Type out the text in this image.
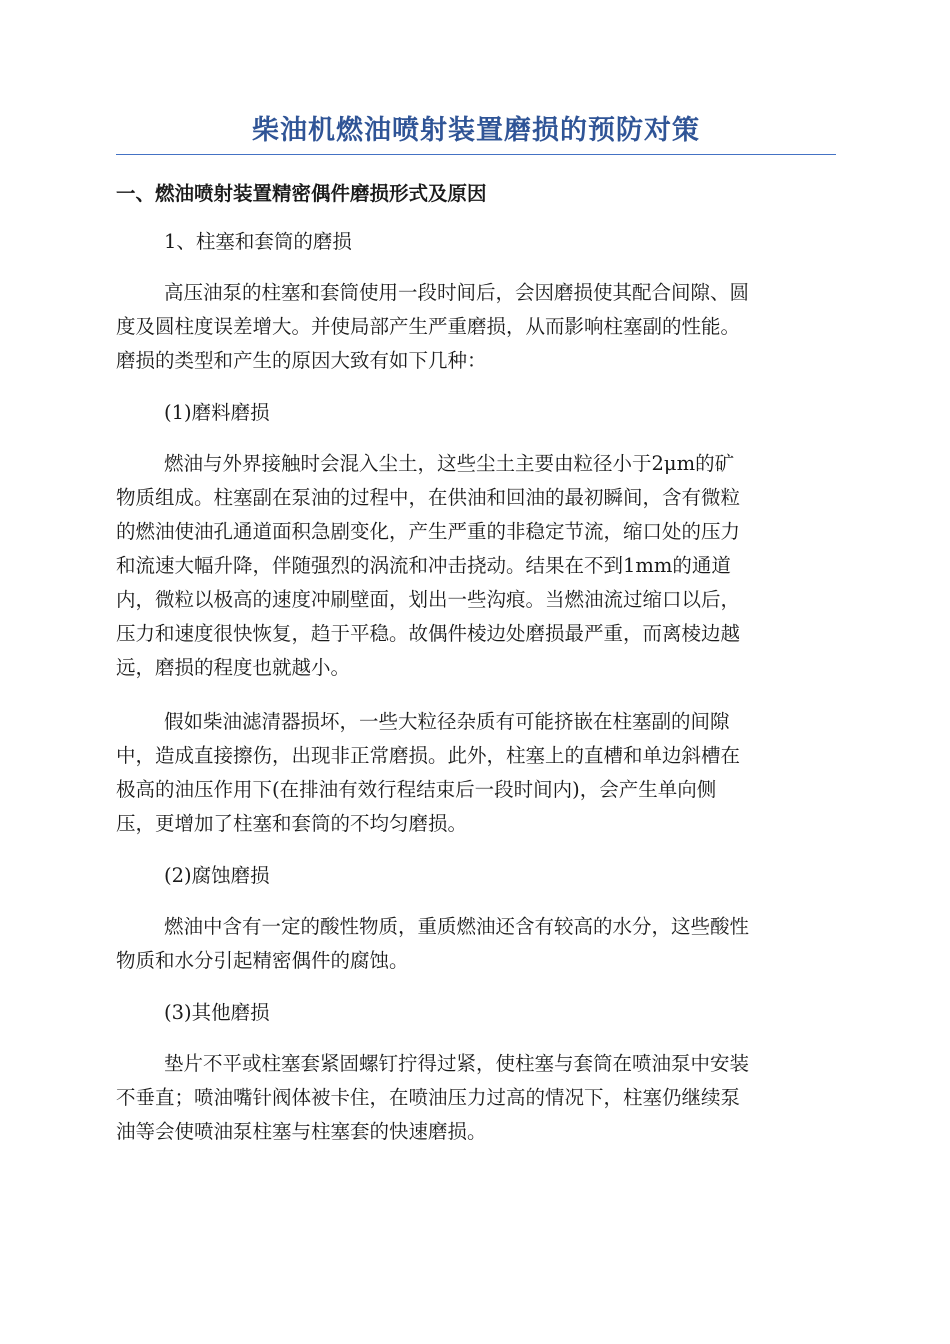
柴油机燃油喷射装置磨损的预防对策
一、燃油喷射装置精密偶件磨损形式及原因
1、柱塞和套筒的磨损
高压油泵的柱塞和套筒使用一段时间后，会因磨损使其配合间隙、圆
度及圆柱度误差增大。并使局部产生严重磨损，从而影响柱塞副的性能。
磨损的类型和产生的原因大致有如下几种：
(1)磨料磨损
燃油与外界接触时会混入尘土，这些尘土主要由粒径小于2μm的矿
物质组成。柱塞副在泵油的过程中，在供油和回油的最初瞬间，含有微粒
的燃油使油孔通道面积急剧变化，产生严重的非稳定节流，缩口处的压力
和流速大幅升降，伴随强烈的涡流和冲击挠动。结果在不到1mm的通道
内，微粒以极高的速度冲刷壁面，划出一些沟痕。当燃油流过缩口以后，
压力和速度很快恢复，趋于平稳。故偶件棱边处磨损最严重，而离棱边越
远，磨损的程度也就越小。
假如柴油滤清器损坏，一些大粒径杂质有可能挤嵌在柱塞副的间隙
中，造成直接擦伤，出现非正常磨损。此外，柱塞上的直槽和单边斜槽在
极高的油压作用下(在排油有效行程结束后一段时间内)，会产生单向侧
压，更增加了柱塞和套筒的不均匀磨损。
(2)腐蚀磨损
燃油中含有一定的酸性物质，重质燃油还含有较高的水分，这些酸性
物质和水分引起精密偶件的腐蚀。
(3)其他磨损
垫片不平或柱塞套紧固螺钉拧得过紧，使柱塞与套筒在喷油泵中安装
不垂直；喷油嘴针阀体被卡住，在喷油压力过高的情况下，柱塞仍继续泵
油等会使喷油泵柱塞与柱塞套的快速磨损。
